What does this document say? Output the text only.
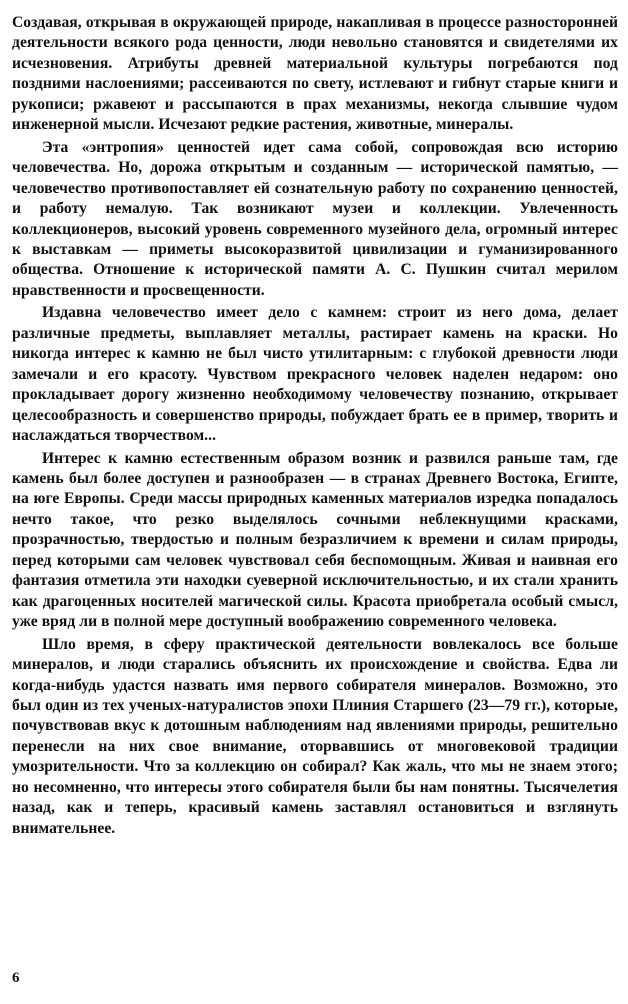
Создавая, открывая в окружающей природе, накапливая в процессе разносторонней деятельности всякого рода ценности, люди невольно становятся и свидетелями их исчезновения. Атрибуты древней материальной культуры погребаются под поздними наслоениями; рассеиваются по свету, истлевают и гибнут старые книги и рукописи; ржавеют и рассыпаются в прах механизмы, некогда слывшие чудом инженерной мысли. Исчезают редкие растения, животные, минералы.

Эта «энтропия» ценностей идет сама собой, сопровождая всю историю человечества. Но, дорожа открытым и созданным — исторической памятью, — человечество противопоставляет ей сознательную работу по сохранению ценностей, и работу немалую. Так возникают музеи и коллекции. Увлеченность коллекционеров, высокий уровень современного музейного дела, огромный интерес к выставкам — приметы высокоразвитой цивилизации и гуманизированного общества. Отношение к исторической памяти А. С. Пушкин считал мерилом нравственности и просвещенности.

Издавна человечество имеет дело с камнем: строит из него дома, делает различные предметы, выплавляет металлы, растирает камень на краски. Но никогда интерес к камню не был чисто утилитарным: с глубокой древности люди замечали и его красоту. Чувством прекрасного человек наделен недаром: оно прокладывает дорогу жизненно необходимому человечеству познанию, открывает целесообразность и совершенство природы, побуждает брать ее в пример, творить и наслаждаться творчеством...

Интерес к камню естественным образом возник и развился раньше там, где камень был более доступен и разнообразен — в странах Древнего Востока, Египте, на юге Европы. Среди массы природных каменных материалов изредка попадалось нечто такое, что резко выделялось сочными неблекнущими красками, прозрачностью, твердостью и полным безразличием к времени и силам природы, перед которыми сам человек чувствовал себя беспомощным. Живая и наивная его фантазия отметила эти находки суеверной исключительностью, и их стали хранить как драгоценных носителей магической силы. Красота приобретала особый смысл, уже вряд ли в полной мере доступный воображению современного человека.

Шло время, в сферу практической деятельности вовлекалось все больше минералов, и люди старались объяснить их происхождение и свойства. Едва ли когда-нибудь удастся назвать имя первого собирателя минералов. Возможно, это был один из тех ученых-натуралистов эпохи Плиния Старшего (23—79 гг.), которые, почувствовав вкус к дотошным наблюдениям над явлениями природы, решительно перенесли на них свое внимание, оторвавшись от многовековой традиции умозрительности. Что за коллекцию он собирал? Как жаль, что мы не знаем этого; но несомненно, что интересы этого собирателя были бы нам понятны. Тысячелетия назад, как и теперь, красивый камень заставлял остановиться и взглянуть внимательнее.

6
